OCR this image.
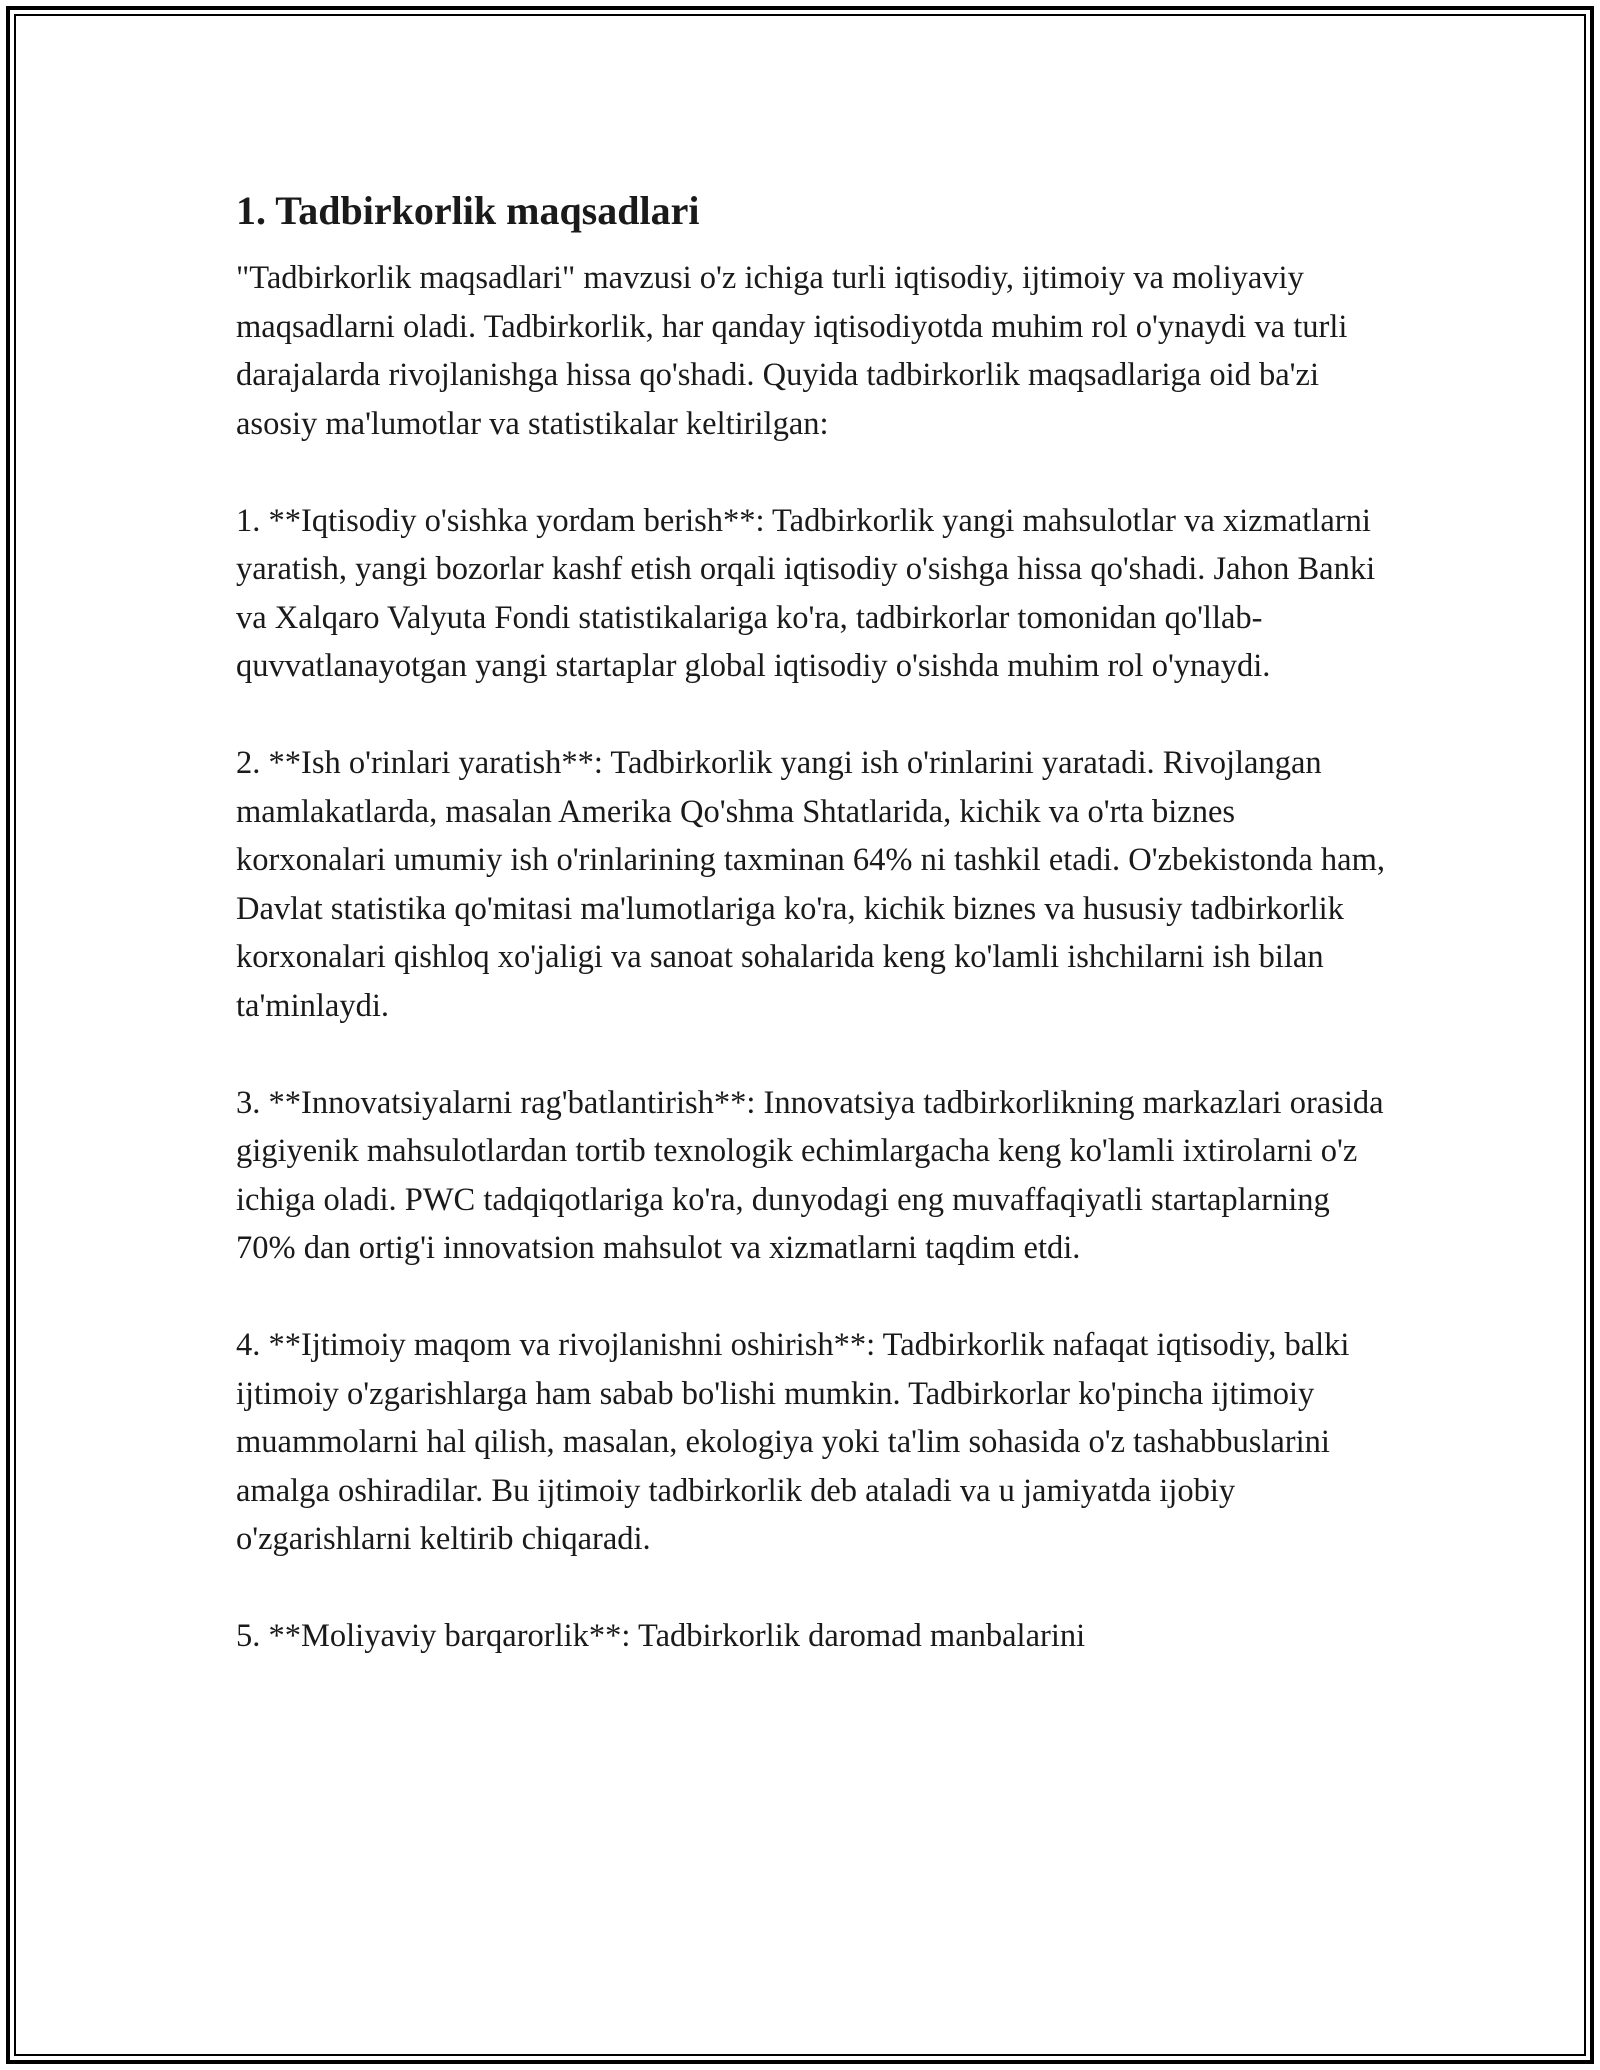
1. Tadbirkorlik maqsadlari

"Tadbirkorlik maqsadlari" mavzusi o'z ichiga turli iqtisodiy, ijtimoiy va moliyaviy maqsadlarni oladi. Tadbirkorlik, har qanday iqtisodiyotda muhim rol o'ynaydi va turli darajalarda rivojlanishga hissa qo'shadi. Quyida tadbirkorlik maqsadlariga oid ba'zi asosiy ma'lumotlar va statistikalar keltirilgan:

1. **Iqtisodiy o'sishka yordam berish**: Tadbirkorlik yangi mahsulotlar va xizmatlarni yaratish, yangi bozorlar kashf etish orqali iqtisodiy o'sishga hissa qo'shadi. Jahon Banki va Xalqaro Valyuta Fondi statistikalariga ko'ra, tadbirkorlar tomonidan qo'llab-quvvatlanayotgan yangi startaplar global iqtisodiy o'sishda muhim rol o'ynaydi.

2. **Ish o'rinlari yaratish**: Tadbirkorlik yangi ish o'rinlarini yaratadi. Rivojlangan mamlakatlarda, masalan Amerika Qo'shma Shtatlarida, kichik va o'rta biznes korxonalari umumiy ish o'rinlarining taxminan 64% ni tashkil etadi. O'zbekistonda ham, Davlat statistika qo'mitasi ma'lumotlariga ko'ra, kichik biznes va hususiy tadbirkorlik korxonalari qishloq xo'jaligi va sanoat sohalarida keng ko'lamli ishchilarni ish bilan ta'minlaydi.

3. **Innovatsiyalarni rag'batlantirish**: Innovatsiya tadbirkorlikning markazlari orasida gigiyenik mahsulotlardan tortib texnologik echimlargacha keng ko'lamli ixtirolarni o'z ichiga oladi. PWC tadqiqotlariga ko'ra, dunyodagi eng muvaffaqiyatli startaplarning 70% dan ortig'i innovatsion mahsulot va xizmatlarni taqdim etdi.

4. **Ijtimoiy maqom va rivojlanishni oshirish**: Tadbirkorlik nafaqat iqtisodiy, balki ijtimoiy o'zgarishlarga ham sabab bo'lishi mumkin. Tadbirkorlar ko'pincha ijtimoiy muammolarni hal qilish, masalan, ekologiya yoki ta'lim sohasida o'z tashabbuslarini amalga oshiradilar. Bu ijtimoiy tadbirkorlik deb ataladi va u jamiyatda ijobiy o'zgarishlarni keltirib chiqaradi.

5. **Moliyaviy barqarorlik**: Tadbirkorlik daromad manbalarini
